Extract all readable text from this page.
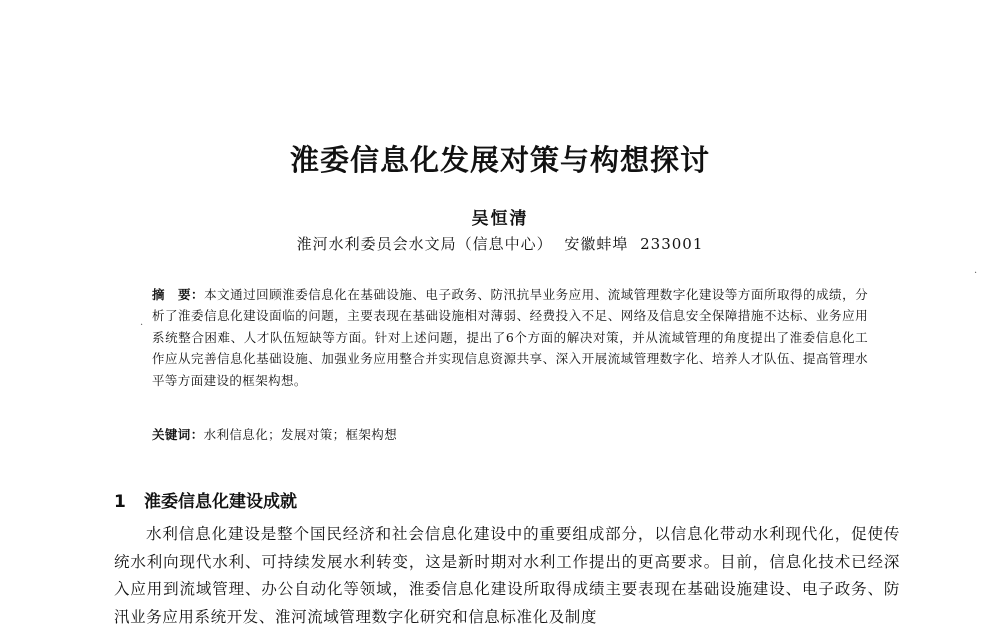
淮委信息化发展对策与构想探讨
吴恒清
淮河水利委员会水文局（信息中心） 安徽蚌埠 233001

摘　要：本文通过回顾淮委信息化在基础设施、电子政务、防汛抗旱业务应用、流域管理数字化建设等方面所取得的成绩，分析了淮委信息化建设面临的问题，主要表现在基础设施相对薄弱、经费投入不足、网络及信息安全保障措施不达标、业务应用系统整合困难、人才队伍短缺等方面。针对上述问题，提出了6个方面的解决对策，并从流域管理的角度提出了淮委信息化工作应从完善信息化基础设施、加强业务应用整合并实现信息资源共享、深入开展流域管理数字化、培养人才队伍、提高管理水平等方面建设的框架构想。

关键词：水利信息化；发展对策；框架构想

1 淮委信息化建设成就

水利信息化建设是整个国民经济和社会信息化建设中的重要组成部分，以信息化带动水利现代化，促使传统水利向现代水利、可持续发展水利转变，这是新时期对水利工作提出的更高要求。目前，信息化技术已经深入应用到流域管理、办公自动化等领域，淮委信息化建设所取得成绩主要表现在基础设施建设、电子政务、防汛业务应用系统开发、淮河流域管理数字化研究和信息标准化及制度

·
·
